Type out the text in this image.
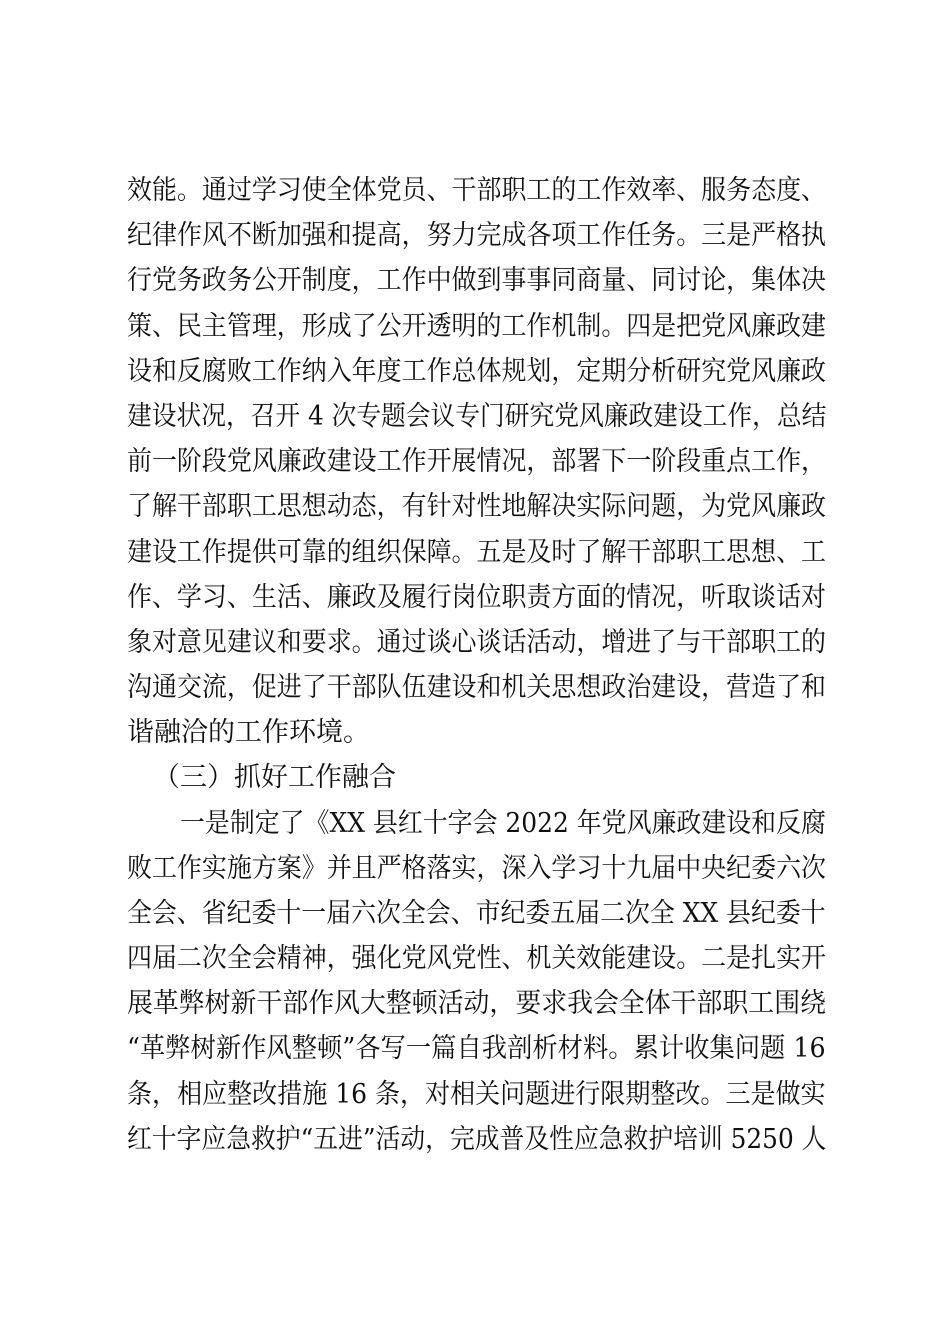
效能。通过学习使全体党员、干部职工的工作效率、服务态度、
纪律作风不断加强和提高，努力完成各项工作任务。三是严格执
行党务政务公开制度，工作中做到事事同商量、同讨论，集体决
策、民主管理，形成了公开透明的工作机制。四是把党风廉政建
设和反腐败工作纳入年度工作总体规划，定期分析研究党风廉政
建设状况，召开 4 次专题会议专门研究党风廉政建设工作，总结
前一阶段党风廉政建设工作开展情况，部署下一阶段重点工作，
了解干部职工思想动态，有针对性地解决实际问题，为党风廉政
建设工作提供可靠的组织保障。五是及时了解干部职工思想、工
作、学习、生活、廉政及履行岗位职责方面的情况，听取谈话对
象对意见建议和要求。通过谈心谈话活动，增进了与干部职工的
沟通交流，促进了干部队伍建设和机关思想政治建设，营造了和
谐融洽的工作环境。
（三）抓好工作融合
一是制定了《XX 县红十字会 2022 年党风廉政建设和反腐
败工作实施方案》并且严格落实，深入学习十九届中央纪委六次
全会、省纪委十一届六次全会、市纪委五届二次全 XX 县纪委十
四届二次全会精神，强化党风党性、机关效能建设。二是扎实开
展革弊树新干部作风大整顿活动，要求我会全体干部职工围绕
“革弊树新作风整顿”各写一篇自我剖析材料。累计收集问题 16
条，相应整改措施 16 条，对相关问题进行限期整改。三是做实
红十字应急救护“五进”活动，完成普及性应急救护培训 5250 人
